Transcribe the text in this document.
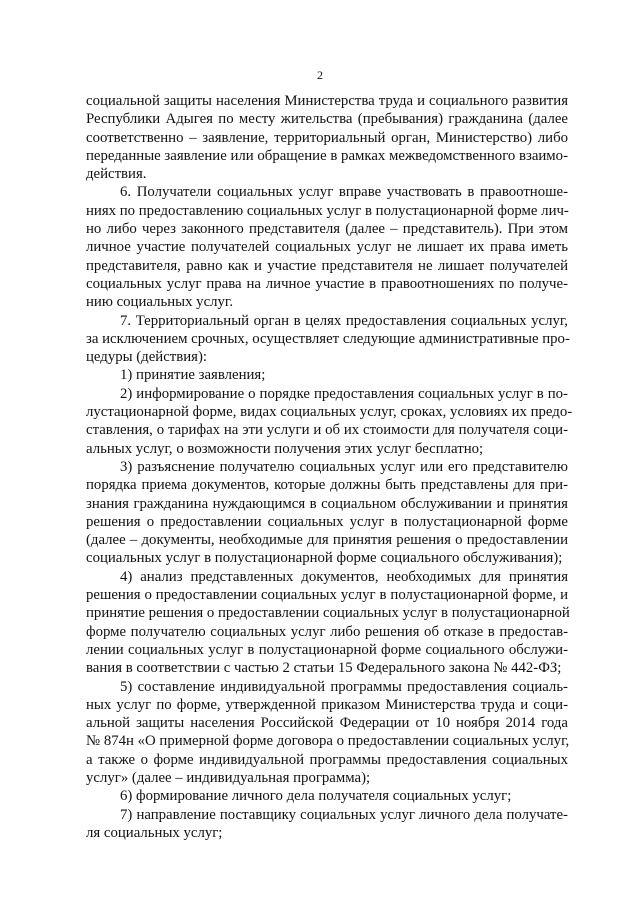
2
социальной защиты населения Министерства труда и социального развития
Республики Адыгея по месту жительства (пребывания) гражданина (далее
соответственно – заявление, территориальный орган, Министерство) либо
переданные заявление или обращение в рамках межведомственного взаимо-
действия.
6. Получатели социальных услуг вправе участвовать в правоотноше-
ниях по предоставлению социальных услуг в полустационарной форме лич-
но либо через законного представителя (далее – представитель). При этом
личное участие получателей социальных услуг не лишает их права иметь
представителя, равно как и участие представителя не лишает получателей
социальных услуг права на личное участие в правоотношениях по получе-
нию социальных услуг.
7. Территориальный орган в целях предоставления социальных услуг,
за исключением срочных, осуществляет следующие административные про-
цедуры (действия):
1) принятие заявления;
2) информирование о порядке предоставления социальных услуг в по-
лустационарной форме, видах социальных услуг, сроках, условиях их предо-
ставления, о тарифах на эти услуги и об их стоимости для получателя соци-
альных услуг, о возможности получения этих услуг бесплатно;
3) разъяснение получателю социальных услуг или его представителю
порядка приема документов, которые должны быть представлены для при-
знания гражданина нуждающимся в социальном обслуживании и принятия
решения о предоставлении социальных услуг в полустационарной форме
(далее – документы, необходимые для принятия решения о предоставлении
социальных услуг в полустационарной форме социального обслуживания);
4) анализ представленных документов, необходимых для принятия
решения о предоставлении социальных услуг в полустационарной форме, и
принятие решения о предоставлении социальных услуг в полустационарной
форме получателю социальных услуг либо решения об отказе в предостав-
лении социальных услуг в полустационарной форме социального обслужи-
вания в соответствии с частью 2 статьи 15 Федерального закона № 442-ФЗ;
5) составление индивидуальной программы предоставления социаль-
ных услуг по форме, утвержденной приказом Министерства труда и соци-
альной защиты населения Российской Федерации от 10 ноября 2014 года
№ 874н «О примерной форме договора о предоставлении социальных услуг,
а также о форме индивидуальной программы предоставления социальных
услуг» (далее – индивидуальная программа);
6) формирование личного дела получателя социальных услуг;
7) направление поставщику социальных услуг личного дела получате-
ля социальных услуг;
